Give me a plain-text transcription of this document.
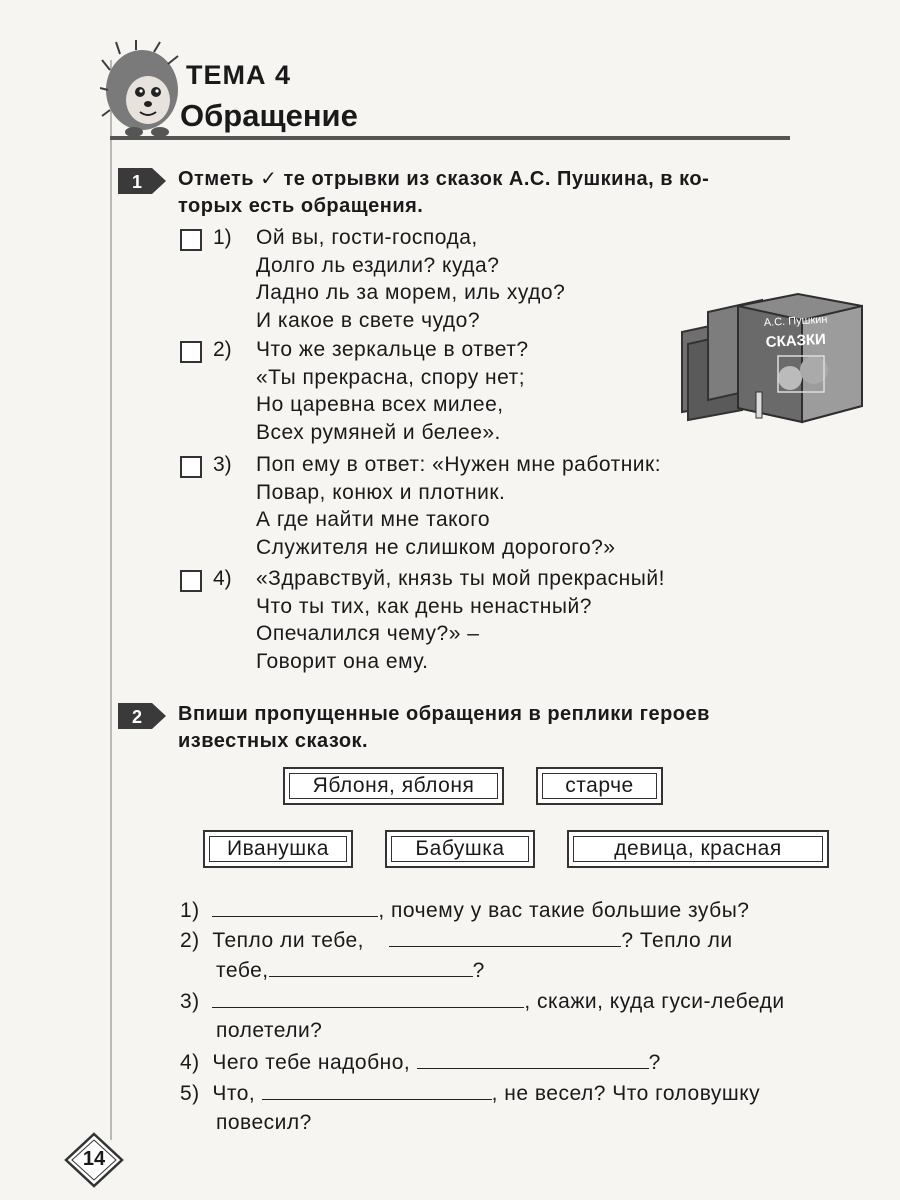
ТЕМА 4
Обращение
1 Отметь ✓ те отрывки из сказок А.С. Пушкина, в ко-
торых есть обращения.
1) Ой вы, гости-господа,
Долго ль ездили? куда?
Ладно ль за морем, иль худо?
И какое в свете чудо?
2) Что же зеркальце в ответ?
«Ты прекрасна, спору нет;
Но царевна всех милее,
Всех румяней и белее».
3) Поп ему в ответ: «Нужен мне работник:
Повар, конюх и плотник.
А где найти мне такого
Служителя не слишком дорогого?»
4) «Здравствуй, князь ты мой прекрасный!
Что ты тих, как день ненастный?
Опечалился чему?» –
Говорит она ему.
А.С. Пушкин
СКАЗКИ
2 Впиши пропущенные обращения в реплики героев
известных сказок.
Яблоня, яблоня	старче
Иванушка	Бабушка	девица, красная
1)	, почему у вас такие большие зубы?
2) Тепло ли тебе,	? Тепло ли
тебе,	?
3)	, скажи, куда гуси-лебеди
полетели?
4) Чего тебе надобно,	?
5) Что,	, не весел? Что головушку
повесил?
14
